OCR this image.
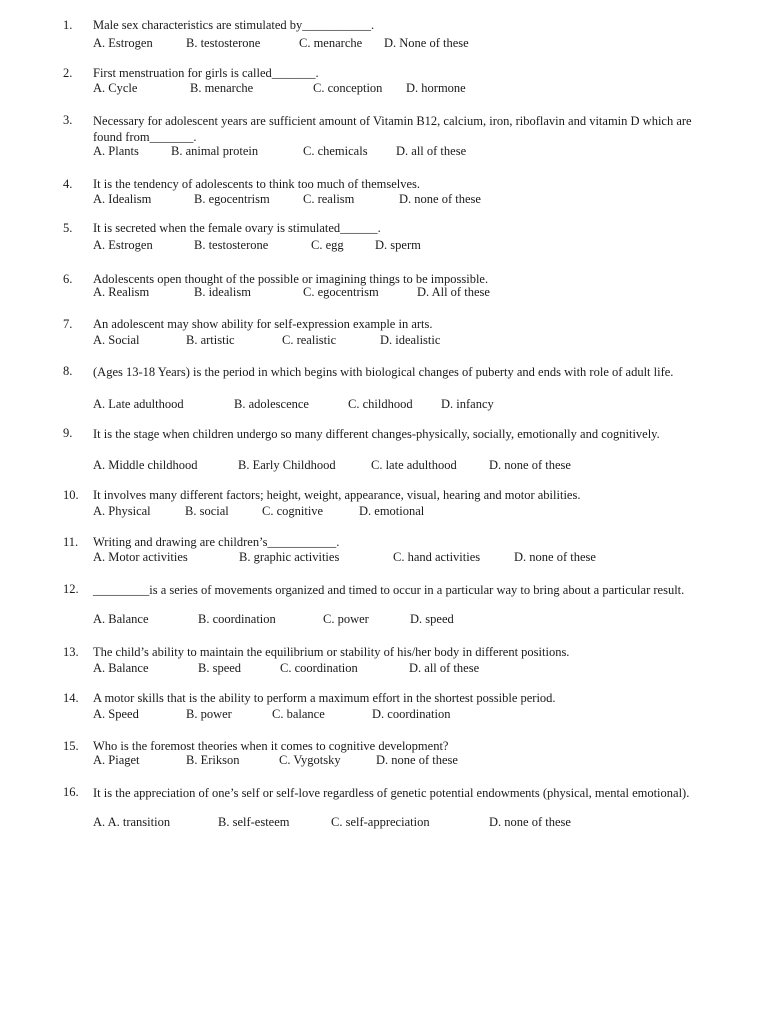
1. Male sex characteristics are stimulated by___________.
A. Estrogen	B. testosterone	C. menarche D. None of these
2. First menstruation for girls is called_______.
A. Cycle	B. menarche	C. conception D. hormone
3. Necessary for adolescent years are sufficient amount of Vitamin B12, calcium, iron, riboflavin and vitamin D which are found from_______.
A. Plants	B. animal protein	C. chemicals D. all of these
4. It is the tendency of adolescents to think too much of themselves.
A. Idealism	B. egocentrism	C. realism	D. none of these
5. It is secreted when the female ovary is stimulated______.
A. Estrogen	B. testosterone	C. egg	D. sperm
6. Adolescents open thought of the possible or imagining things to be impossible.
A. Realism	B. idealism	C. egocentrism	D. All of these
7. An adolescent may show ability for self-expression example in arts.
A. Social	B. artistic	C. realistic	D. idealistic
8. (Ages 13-18 Years) is the period in which begins with biological changes of puberty and ends with role of adult life.
A. Late adulthood	B. adolescence	C. childhood D. infancy
9. It is the stage when children undergo so many different changes-physically, socially, emotionally and cognitively.
A. Middle childhood	B. Early Childhood	C. late adulthood	D. none of these
10. It involves many different factors; height, weight, appearance, visual, hearing and motor abilities.
A. Physical	B. social	C. cognitive	D. emotional
11. Writing and drawing are children’s___________.
A. Motor activities	B. graphic activities	C. hand activities	D. none of these
12. _________is a series of movements organized and timed to occur in a particular way to bring about a particular result.
A. Balance	B. coordination	C. power	D. speed
13. The child’s ability to maintain the equilibrium or stability of his/her body in different positions.
A. Balance	B. speed	C. coordination	D. all of these
14. A motor skills that is the ability to perform a maximum effort in the shortest possible period.
A. Speed	B. power	C. balance	D. coordination
15. Who is the foremost theories when it comes to cognitive development?
A. Piaget	B. Erikson	C. Vygotsky	D. none of these
16. It is the appreciation of one’s self or self-love regardless of genetic potential endowments (physical, mental emotional).
A. A. transition	B. self-esteem	C. self-appreciation	D. none of these
